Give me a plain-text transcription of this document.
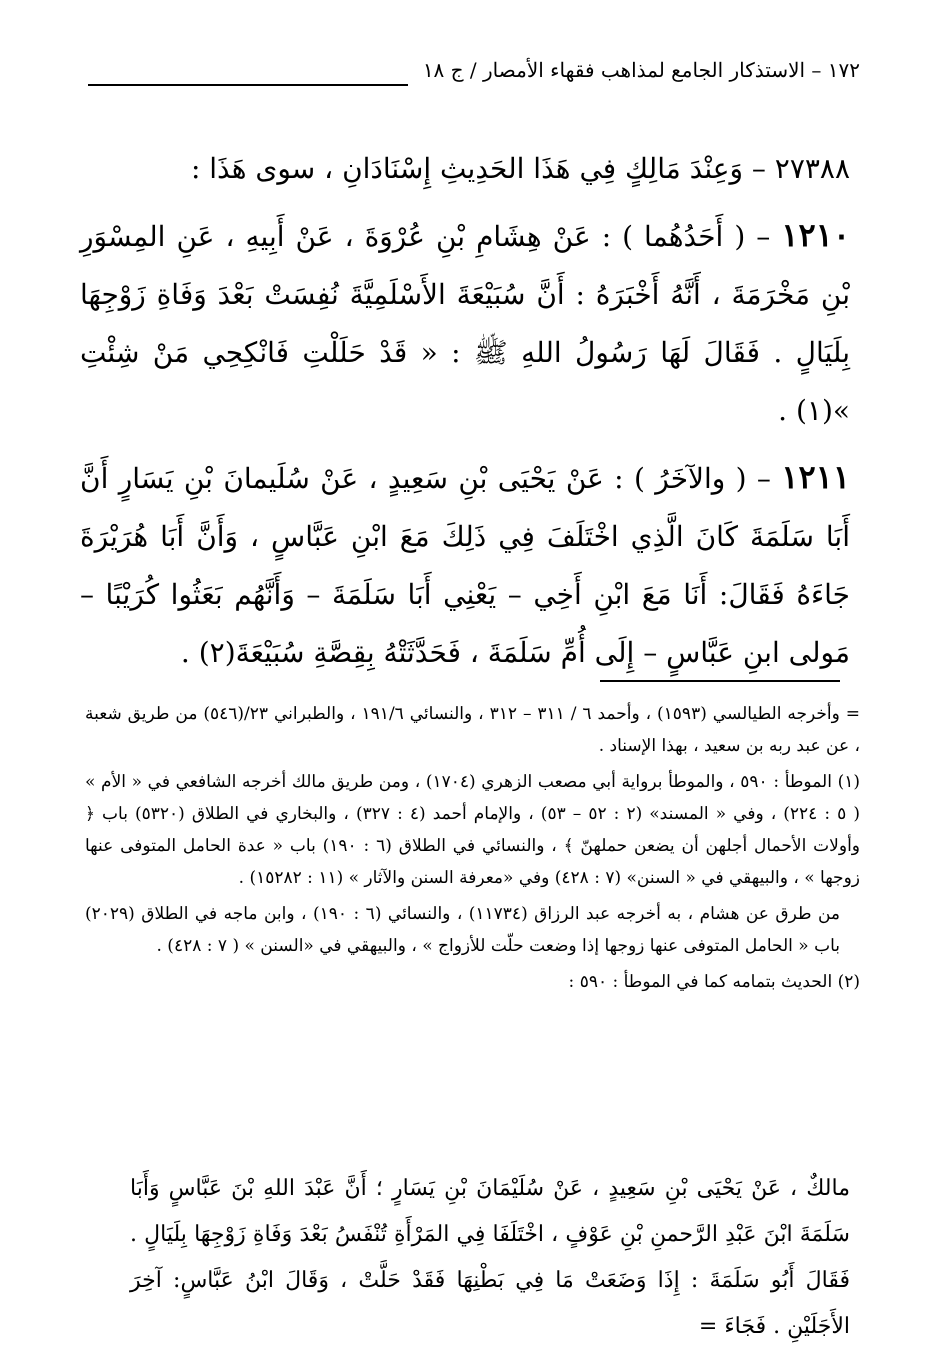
١٧٢ – الاستذكار الجامع لمذاهب فقهاء الأمصار / ج ١٨

٢٧٣٨٨ – وَعِنْدَ مَالِكٍ فِي هَذَا الحَدِيثِ إِسْنَادَانِ ، سوى هَذَا :

١٢١٠ – ( أَحَدُهُما ) : عَنْ هِشَامِ بْنِ عُرْوَةَ ، عَنْ أَبِيهِ ، عَنِ المِسْوَرِ بْنِ مَخْرَمَةَ ، أَنَّهُ أَخْبَرَهُ : أَنَّ سُبَيْعَةَ الأَسْلَمِيَّةَ نُفِسَتْ بَعْدَ وَفَاةِ زَوْجِهَا بِلَيَالٍ . فَقَالَ لَهَا رَسُولُ اللهِ ﷺ : « قَدْ حَلَلْتِ فَانْكِحِي مَنْ شِئْتِ »(١) .

١٢١١ – ( والآخَرُ ) : عَنْ يَحْيَى بْنِ سَعِيدٍ ، عَنْ سُلَيمانَ بْنِ يَسَارٍ أَنَّ أَبَا سَلَمَةَ كَانَ الَّذِي اخْتَلَفَ فِي ذَلِكَ مَعَ ابْنِ عَبَّاسٍ ، وَأَنَّ أَبَا هُرَيْرَةَ جَاءَهُ فَقَالَ: أَنَا مَعَ ابْنِ أَخِي – يَعْنِي أَبَا سَلَمَةَ – وَأَنَّهُم بَعَثُوا كُرَيْبًا – مَولى ابنِ عَبَّاسٍ – إِلَى أُمِّ سَلَمَةَ ، فَحَدَّثَتْهُ بِقِصَّةِ سُبَيْعَةَ(٢) .

= وأخرجه الطيالسي (١٥٩٣) ، وأحمد ٦ / ٣١١ – ٣١٢ ، والنسائي ١٩١/٦ ، والطبراني ٢٣/(٥٤٦) من طريق شعبة ، عن عبد ربه بن سعيد ، بهذا الإسناد .

(١) الموطأ : ٥٩٠ ، والموطأ برواية أبي مصعب الزهري (١٧٠٤) ، ومن طريق مالك أخرجه الشافعي في « الأم » ( ٥ : ٢٢٤) ، وفي « المسند» (٢ : ٥٢ – ٥٣) ، والإمام أحمد (٤ : ٣٢٧) ، والبخاري في الطلاق (٥٣٢٠) باب ﴿ وأولات الأحمال أجلهن أن يضعن حملهنّ ﴾ ، والنسائي في الطلاق (٦ : ١٩٠) باب « عدة الحامل المتوفى عنها زوجها » ، والبيهقي في « السنن» (٧ : ٤٢٨) وفي «معرفة السنن والآثار » (١١ : ١٥٢٨٢) .

من طرق عن هشام ، به أخرجه عبد الرزاق (١١٧٣٤) ، والنسائي (٦ : ١٩٠) ، وابن ماجه في الطلاق (٢٠٢٩) باب « الحامل المتوفى عنها زوجها إذا وضعت حلّت للأزواج » ، والبيهقي في «السنن » ( ٧ : ٤٢٨) .

(٢) الحديث بتمامه كما في الموطأ : ٥٩٠ :

مالكٌ ، عَنْ يَحْيَى بْنِ سَعِيدٍ ، عَنْ سُلَيْمَانَ بْنِ يَسَارٍ ؛ أَنَّ عَبْدَ اللهِ بْنَ عَبَّاسٍ وَأَبَا سَلَمَةَ ابْنَ عَبْدِ الرَّحمنِ بْنِ عَوْفٍ ، اخْتَلَفَا فِي المَرْأَةِ تُنْفَسُ بَعْدَ وَفَاةِ زَوْجِهَا بِلَيَالٍ . فَقَالَ أَبُو سَلَمَةَ : إِذَا وَضَعَتْ مَا فِي بَطْنِهَا فَقَدْ حَلَّتْ ، وَقَالَ ابْنُ عَبَّاسٍ: آخِرَ الأَجَلَيْنِ . فَجَاءَ =
